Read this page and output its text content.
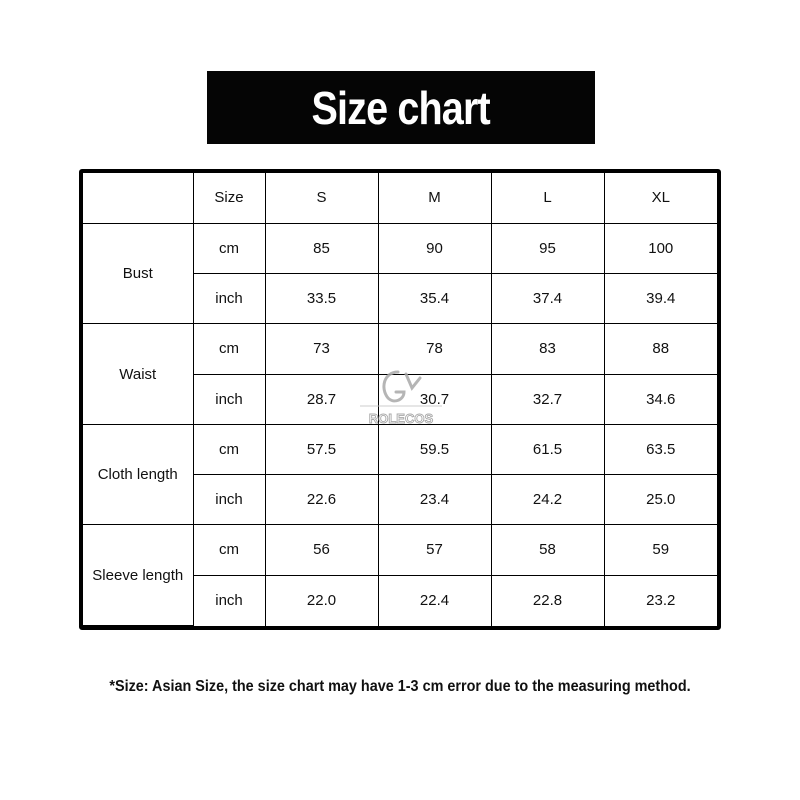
Size chart
	Size	S	M	L	XL
Bust	cm	85	90	95	100
	inch	33.5	35.4	37.4	39.4
Waist	cm	73	78	83	88
	inch	28.7	30.7	32.7	34.6
Cloth length	cm	57.5	59.5	61.5	63.5
	inch	22.6	23.4	24.2	25.0
Sleeve length	cm	56	57	58	59
	inch	22.0	22.4	22.8	23.2
ROLECOS
*Size: Asian Size, the size chart may have 1-3 cm error due to the measuring method.
